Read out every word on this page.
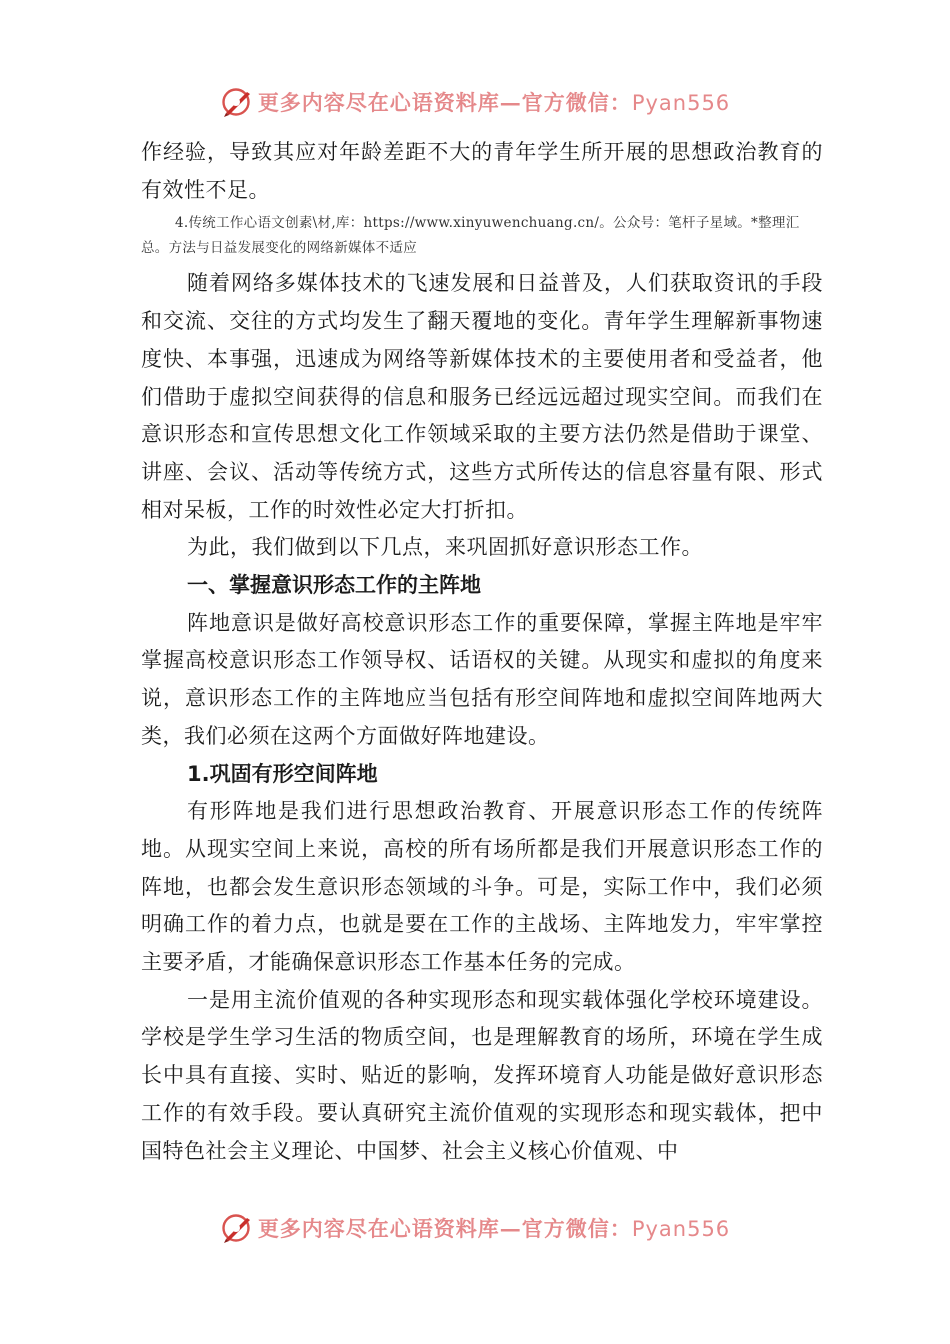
更多内容尽在心语资料库—官方微信：Pyan556

作经验，导致其应对年龄差距不大的青年学生所开展的思想政治教育的有效性不足。

4.传统工作心语文创素\材,库：https://www.xinyuwenchuang.cn/。公众号：笔杆子星域。*整理汇总。方法与日益发展变化的网络新媒体不适应

随着网络多媒体技术的飞速发展和日益普及，人们获取资讯的手段和交流、交往的方式均发生了翻天覆地的变化。青年学生理解新事物速度快、本事强，迅速成为网络等新媒体技术的主要使用者和受益者，他们借助于虚拟空间获得的信息和服务已经远远超过现实空间。而我们在意识形态和宣传思想文化工作领域采取的主要方法仍然是借助于课堂、讲座、会议、活动等传统方式，这些方式所传达的信息容量有限、形式相对呆板，工作的时效性必定大打折扣。

为此，我们做到以下几点，来巩固抓好意识形态工作。

一、掌握意识形态工作的主阵地

阵地意识是做好高校意识形态工作的重要保障，掌握主阵地是牢牢掌握高校意识形态工作领导权、话语权的关键。从现实和虚拟的角度来说，意识形态工作的主阵地应当包括有形空间阵地和虚拟空间阵地两大类，我们必须在这两个方面做好阵地建设。

1.巩固有形空间阵地

有形阵地是我们进行思想政治教育、开展意识形态工作的传统阵地。从现实空间上来说，高校的所有场所都是我们开展意识形态工作的阵地，也都会发生意识形态领域的斗争。可是，实际工作中，我们必须明确工作的着力点，也就是要在工作的主战场、主阵地发力，牢牢掌控主要矛盾，才能确保意识形态工作基本任务的完成。

一是用主流价值观的各种实现形态和现实载体强化学校环境建设。学校是学生学习生活的物质空间，也是理解教育的场所，环境在学生成长中具有直接、实时、贴近的影响，发挥环境育人功能是做好意识形态工作的有效手段。要认真研究主流价值观的实现形态和现实载体，把中国特色社会主义理论、中国梦、社会主义核心价值观、中

更多内容尽在心语资料库—官方微信：Pyan556
